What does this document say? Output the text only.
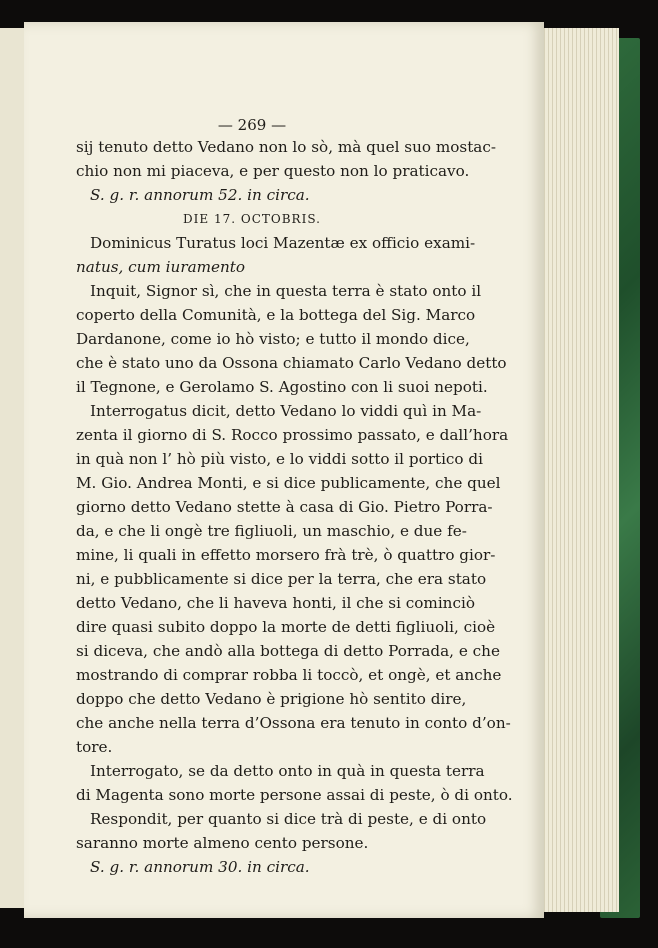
— 269 —
sij tenuto detto Vedano non lo sò, mà quel suo mostac-
chio non mi piaceva, e per questo non lo praticavo.
S. g. r. annorum 52. in circa.
DIE 17. OCTOBRIS.
Dominicus Turatus loci Mazentæ ex officio exami-
natus, cum iuramento
Inquit, Signor sì, che in questa terra è stato onto il
coperto della Comunità, e la bottega del Sig. Marco
Dardanone, come io hò visto; e tutto il mondo dice,
che è stato uno da Ossona chiamato Carlo Vedano detto
il Tegnone, e Gerolamo S. Agostino con li suoi nepoti.
Interrogatus dicit, detto Vedano lo viddi quì in Ma-
zenta il giorno di S. Rocco prossimo passato, e dall’hora
in quà non l’ hò più visto, e lo viddi sotto il portico di
M. Gio. Andrea Monti, e si dice publicamente, che quel
giorno detto Vedano stette à casa di Gio. Pietro Porra-
da, e che li ongè tre figliuoli, un maschio, e due fe-
mine, li quali in effetto morsero frà trè, ò quattro gior-
ni, e pubblicamente si dice per la terra, che era stato
detto Vedano, che li haveva honti, il che si cominciò
dire quasi subito doppo la morte de detti figliuoli, cioè
si diceva, che andò alla bottega di detto Porrada, e che
mostrando di comprar robba li toccò, et ongè, et anche
doppo che detto Vedano è prigione hò sentito dire,
che anche nella terra d’Ossona era tenuto in conto d’on-
tore.
Interrogato, se da detto onto in quà in questa terra
di Magenta sono morte persone assai di peste, ò di onto.
Respondit, per quanto si dice trà di peste, e di onto
saranno morte almeno cento persone.
S. g. r. annorum 30. in circa.
